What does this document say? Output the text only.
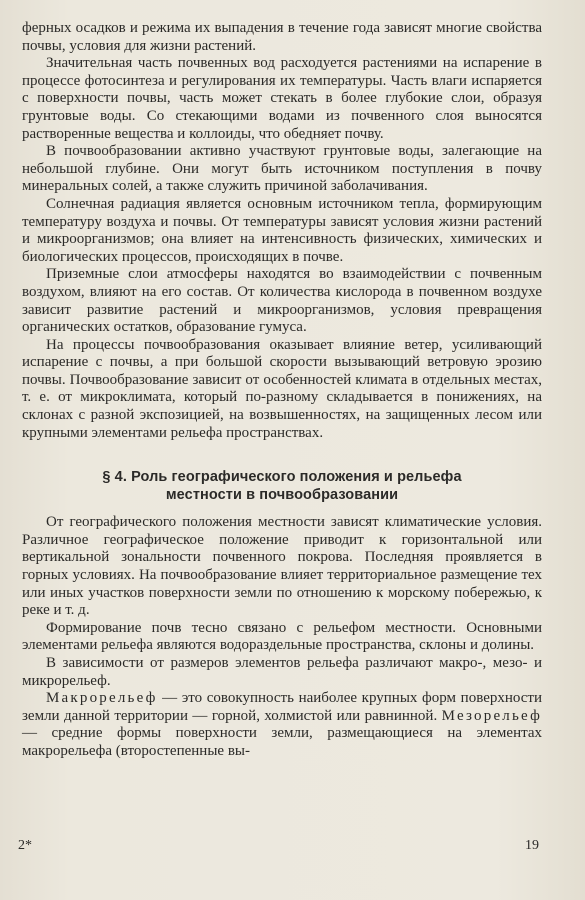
ферных осадков и режима их выпадения в течение года зависят многие свойства почвы, условия для жизни растений.

Значительная часть почвенных вод расходуется растениями на испарение в процессе фотосинтеза и регулирования их температуры. Часть влаги испаряется с поверхности почвы, часть может стекать в более глубокие слои, образуя грунтовые воды. Со стекающими водами из почвенного слоя выносятся растворенные вещества и коллоиды, что обедняет почву.

В почвообразовании активно участвуют грунтовые воды, залегающие на небольшой глубине. Они могут быть источником поступления в почву минеральных солей, а также служить причиной заболачивания.

Солнечная радиация является основным источником тепла, формирующим температуру воздуха и почвы. От температуры зависят условия жизни растений и микроорганизмов; она влияет на интенсивность физических, химических и биологических процессов, происходящих в почве.

Приземные слои атмосферы находятся во взаимодействии с почвенным воздухом, влияют на его состав. От количества кислорода в почвенном воздухе зависит развитие растений и микроорганизмов, условия превращения органических остатков, образование гумуса.

На процессы почвообразования оказывает влияние ветер, усиливающий испарение с почвы, а при большой скорости вызывающий ветровую эрозию почвы. Почвообразование зависит от особенностей климата в отдельных местах, т. е. от микроклимата, который по-разному складывается в понижениях, на склонах с разной экспозицией, на возвышенностях, на защищенных лесом или крупными элементами рельефа пространствах.

§ 4. Роль географического положения и рельефа
местности в почвообразовании

От географического положения местности зависят климатические условия. Различное географическое положение приводит к горизонтальной или вертикальной зональности почвенного покрова. Последняя проявляется в горных условиях. На почвообразование влияет территориальное размещение тех или иных участков поверхности земли по отношению к морскому побережью, к реке и т. д.

Формирование почв тесно связано с рельефом местности. Основными элементами рельефа являются водораздельные пространства, склоны и долины.

В зависимости от размеров элементов рельефа различают макро-, мезо- и микрорельеф.

Макрорельеф — это совокупность наиболее крупных форм поверхности земли данной территории — горной, холмистой или равнинной. Мезорельеф — средние формы поверхности земли, размещающиеся на элементах макрорельефа (второстепенные вы-

2*	19
